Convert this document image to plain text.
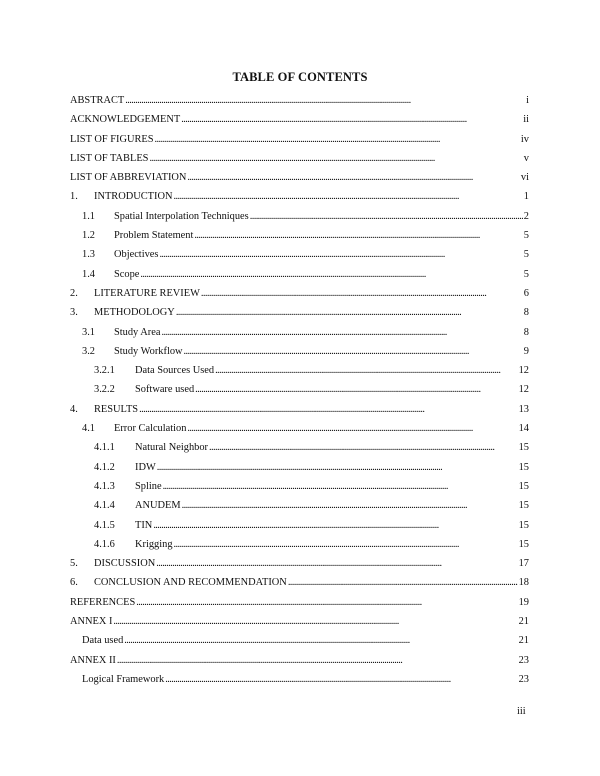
TABLE OF CONTENTS
ABSTRACT . . .	i
ACKNOWLEDGEMENT . . .	ii
LIST OF FIGURES . . .	iv
LIST OF TABLES . . .	v
LIST OF ABBREVIATION . . .	vi
1.	INTRODUCTION . . .	1
1.1	Spatial Interpolation Techniques . . .	2
1.2	Problem Statement . . .	5
1.3	Objectives . . .	5
1.4	Scope . . .	5
2.	LITERATURE REVIEW . . .	6
3.	METHODOLOGY . . .	8
3.1	Study Area . . .	8
3.2	Study Workflow . . .	9
3.2.1	Data Sources Used . . .	12
3.2.2	Software used . . .	12
4.	RESULTS . . .	13
4.1	Error Calculation . . .	14
4.1.1	Natural Neighbor . . .	15
4.1.2	IDW . . .	15
4.1.3	Spline . . .	15
4.1.4	ANUDEM . . .	15
4.1.5	TIN . . .	15
4.1.6	Krigging . . .	15
5.	DISCUSSION . . .	17
6.	CONCLUSION AND RECOMMENDATION . . .	18
REFERENCES . . .	19
ANNEX I . . .	21
Data used . . .	21
ANNEX II . . .	23
Logical Framework . . .	23
iii
